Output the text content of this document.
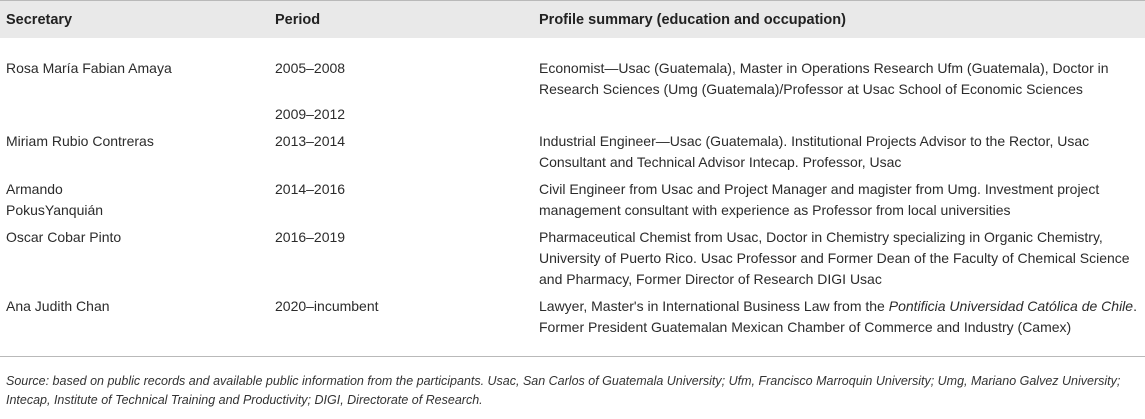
Secretary	Period	Profile summary (education and occupation)
Rosa María Fabian Amaya	2005–2008	Economist—Usac (Guatemala), Master in Operations Research Ufm (Guatemala), Doctor in Research Sciences (Umg (Guatemala)/Professor at Usac School of Economic Sciences
	2009–2012	
Miriam Rubio Contreras	2013–2014	Industrial Engineer—Usac (Guatemala). Institutional Projects Advisor to the Rector, Usac Consultant and Technical Advisor Intecap. Professor, Usac
Armando PokusYanquián	2014–2016	Civil Engineer from Usac and Project Manager and magister from Umg. Investment project management consultant with experience as Professor from local universities
Oscar Cobar Pinto	2016–2019	Pharmaceutical Chemist from Usac, Doctor in Chemistry specializing in Organic Chemistry, University of Puerto Rico. Usac Professor and Former Dean of the Faculty of Chemical Science and Pharmacy, Former Director of Research DIGI Usac
Ana Judith Chan	2020–incumbent	Lawyer, Master's in International Business Law from the Pontificia Universidad Católica de Chile. Former President Guatemalan Mexican Chamber of Commerce and Industry (Camex)
Source: based on public records and available public information from the participants. Usac, San Carlos of Guatemala University; Ufm, Francisco Marroquin University; Umg, Mariano Galvez University; Intecap, Institute of Technical Training and Productivity; DIGI, Directorate of Research.
